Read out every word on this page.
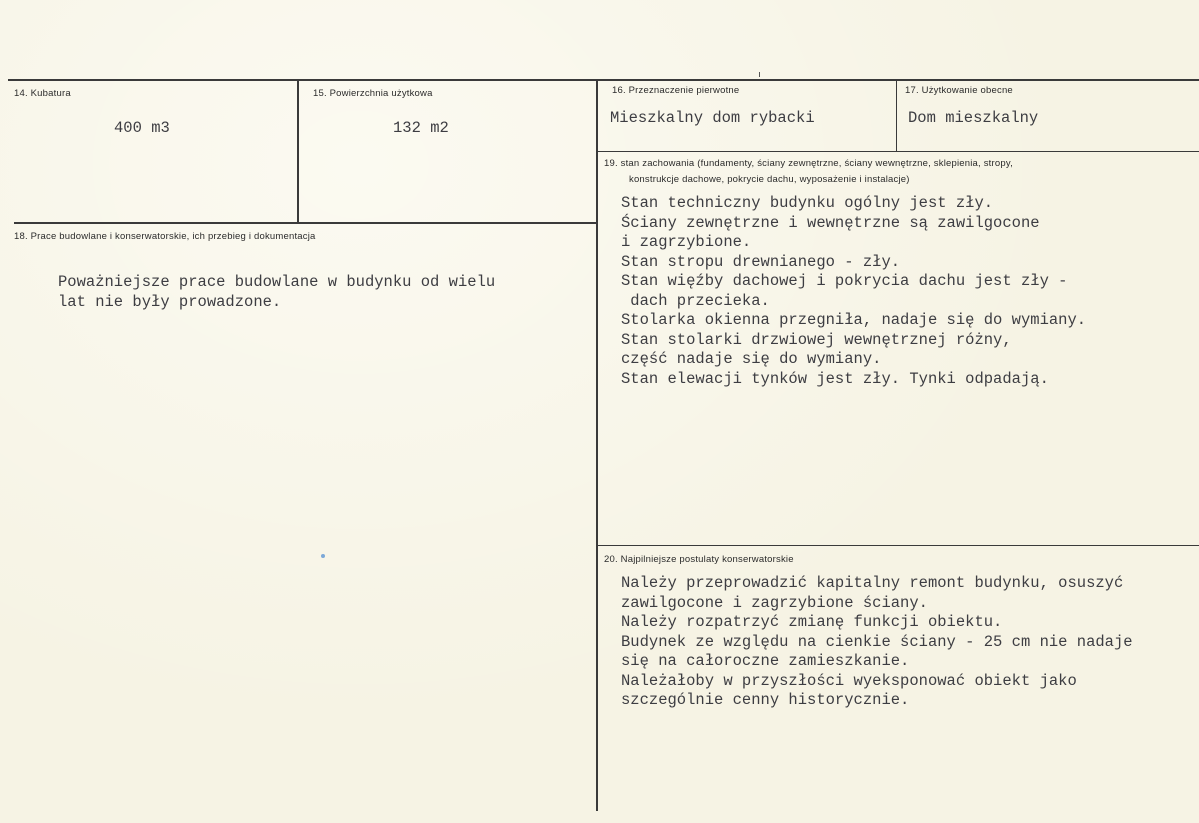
14. Kubatura
400 m3
15. Powierzchnia użytkowa
132 m2
16. Przeznaczenie pierwotne
Mieszkalny dom rybacki
17. Użytkowanie obecne
Dom mieszkalny
18. Prace budowlane i konserwatorskie, ich przebieg i dokumentacja
Poważniejsze prace budowlane w budynku od wielu
lat nie były prowadzone.
19. stan zachowania (fundamenty, ściany zewnętrzne, ściany wewnętrzne, sklepienia, stropy,
konstrukcje dachowe, pokrycie dachu, wyposażenie i instalacje)
Stan techniczny budynku ogólny jest zły.
Ściany zewnętrzne i wewnętrzne są zawilgocone
i zagrzybione.
Stan stropu drewnianego - zły.
Stan więźby dachowej i pokrycia dachu jest zły -
dach przecieka.
Stolarka okienna przegniła, nadaje się do wymiany.
Stan stolarki drzwiowej wewnętrznej różny,
część nadaje się do wymiany.
Stan elewacji tynków jest zły. Tynki odpadają.
20. Najpilniejsze postulaty konserwatorskie
Należy przeprowadzić kapitalny remont budynku, osuszyć
zawilgocone i zagrzybione ściany.
Należy rozpatrzyć zmianę funkcji obiektu.
Budynek ze względu na cienkie ściany - 25 cm nie nadaje
się na całoroczne zamieszkanie.
Należałoby w przyszłości wyeksponować obiekt jako
szczególnie cenny historycznie.
